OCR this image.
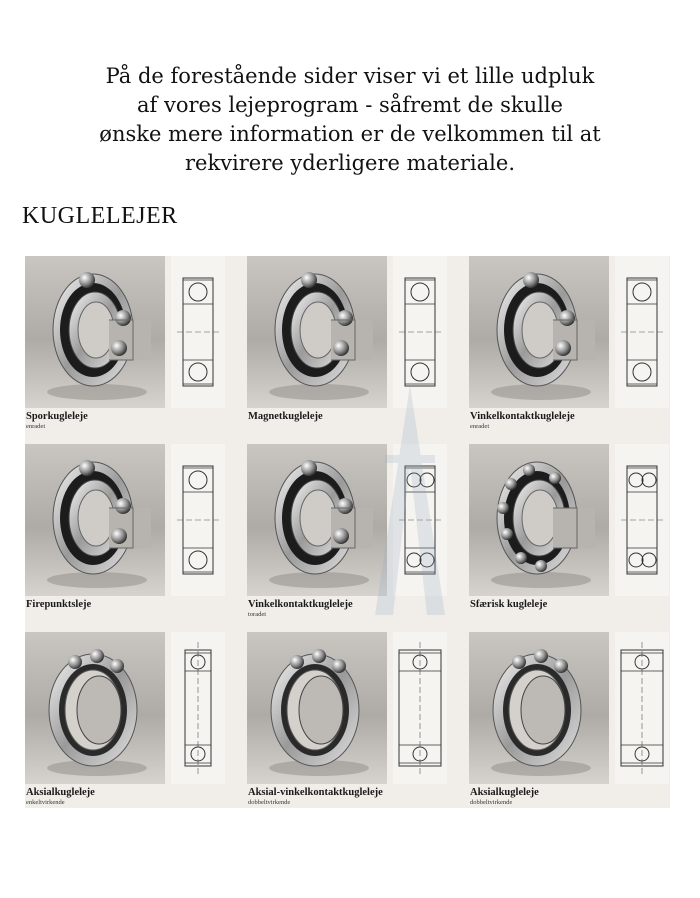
På de forestående sider viser vi et lille udpluk
af vores lejeprogram - såfremt de skulle
ønske mere information er de velkommen til at
rekvirere yderligere materiale.
KUGLELEJER
Sporkugleleje
enradet
Magnetkugleleje	Vinkelkontaktkugleleje
enradet
Firepunktsleje	Vinkelkontaktkugleleje
toradet
Sfærisk kugleleje
Aksialkugleleje
enkeltvirkende
Aksial-vinkelkontaktkugleleje
dobbeltvirkende
Aksialkugleleje
dobbeltvirkende
